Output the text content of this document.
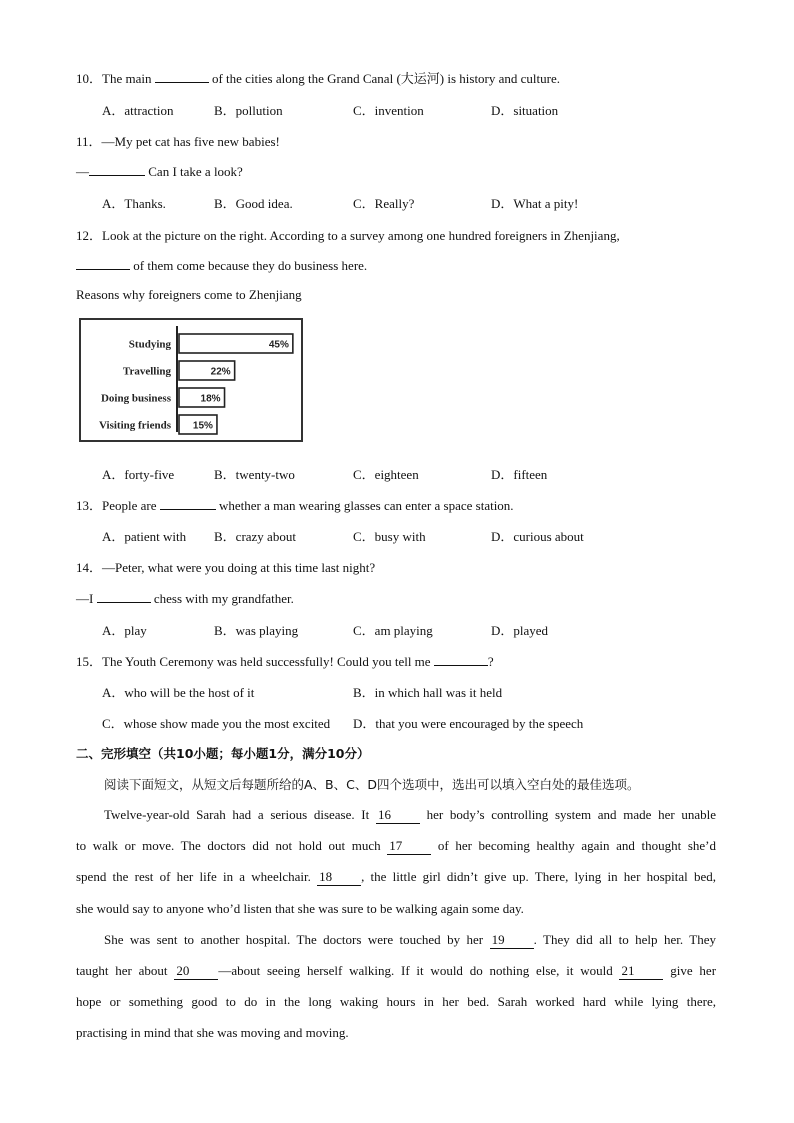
10．The main	of the cities along the Grand Canal (大运河) is history and culture.
A．attraction	B．pollution	C．invention	D．situation
11．—My pet cat has five new babies!
—	Can I take a look?
A．Thanks.	B．Good idea.	C．Really?	D．What a pity!
12．Look at the picture on the right. According to a survey among one hundred foreigners in Zhenjiang,
of them come because they do business here.
Reasons why foreigners come to Zhenjiang
Studying	45%
Travelling	22%
Doing business	18%
Visiting friends 15%
A．forty-five	B．twenty-two	C．eighteen	D．fifteen
13．People are	whether a man wearing glasses can enter a space station.
A．patient with B．crazy about	C．busy with	D．curious about
14．—Peter, what were you doing at this time last night?
—I	chess with my grandfather.
A．play	B．was playing	C．am playing	D．played
15．The Youth Ceremony was held successfully! Could you tell me	?
A．who will be the host of it	B．in which hall was it held
C．whose show made you the most excited D．that you were encouraged by the speech
二、完形填空（共10小题；每小题1分，满分10分）
阅读下面短文，从短文后每题所给的A、B、C、D四个选项中，选出可以填入空白处的最佳选项。
Twelve-year-old Sarah had a serious disease. It 16	her body’s controlling system and made her unable
to walk or move. The doctors did not hold out much 17	of her becoming healthy again and thought she’d
spend the rest of her life in a wheelchair. 18 , the little girl didn’t give up. There, lying in her hospital bed,
she would say to anyone who’d listen that she was sure to be walking again some day.
She was sent to another hospital. The doctors were touched by her 19 . They did all to help her. They
taught her about 20 —about seeing herself walking. If it would do nothing else, it would 21	give her
hope or something good to do in the long waking hours in her bed. Sarah worked hard while lying there,
practising in mind that she was moving and moving.
